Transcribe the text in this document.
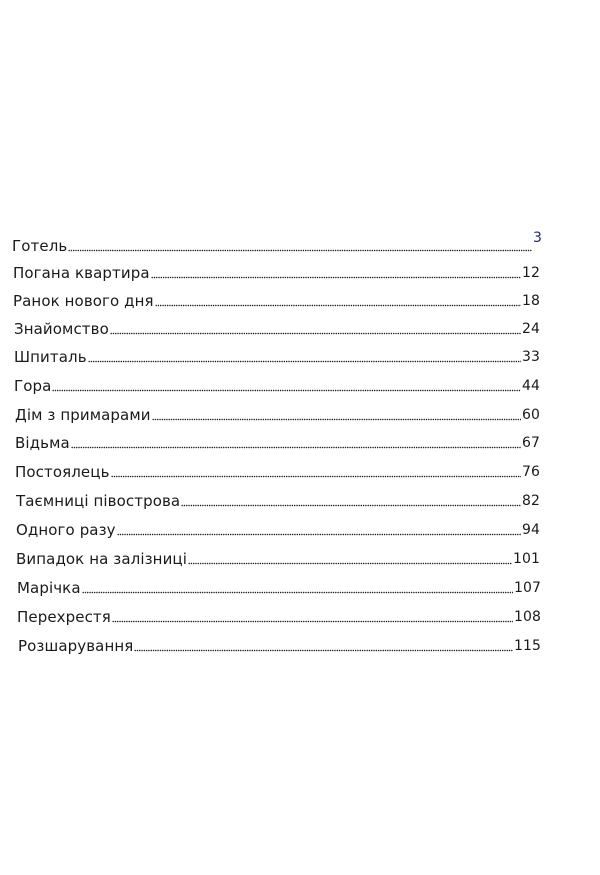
Готель	3
Погана квартира	12
Ранок нового дня	18
Знайомство	24
Шпиталь	33
Гора	44
Дім з примарами	60
Відьма	67
Постоялець	76
Таємниці півострова	82
Одного разу	94
Випадок на залізниці	101
Марічка	107
Перехрестя	108
Розшарування	115
